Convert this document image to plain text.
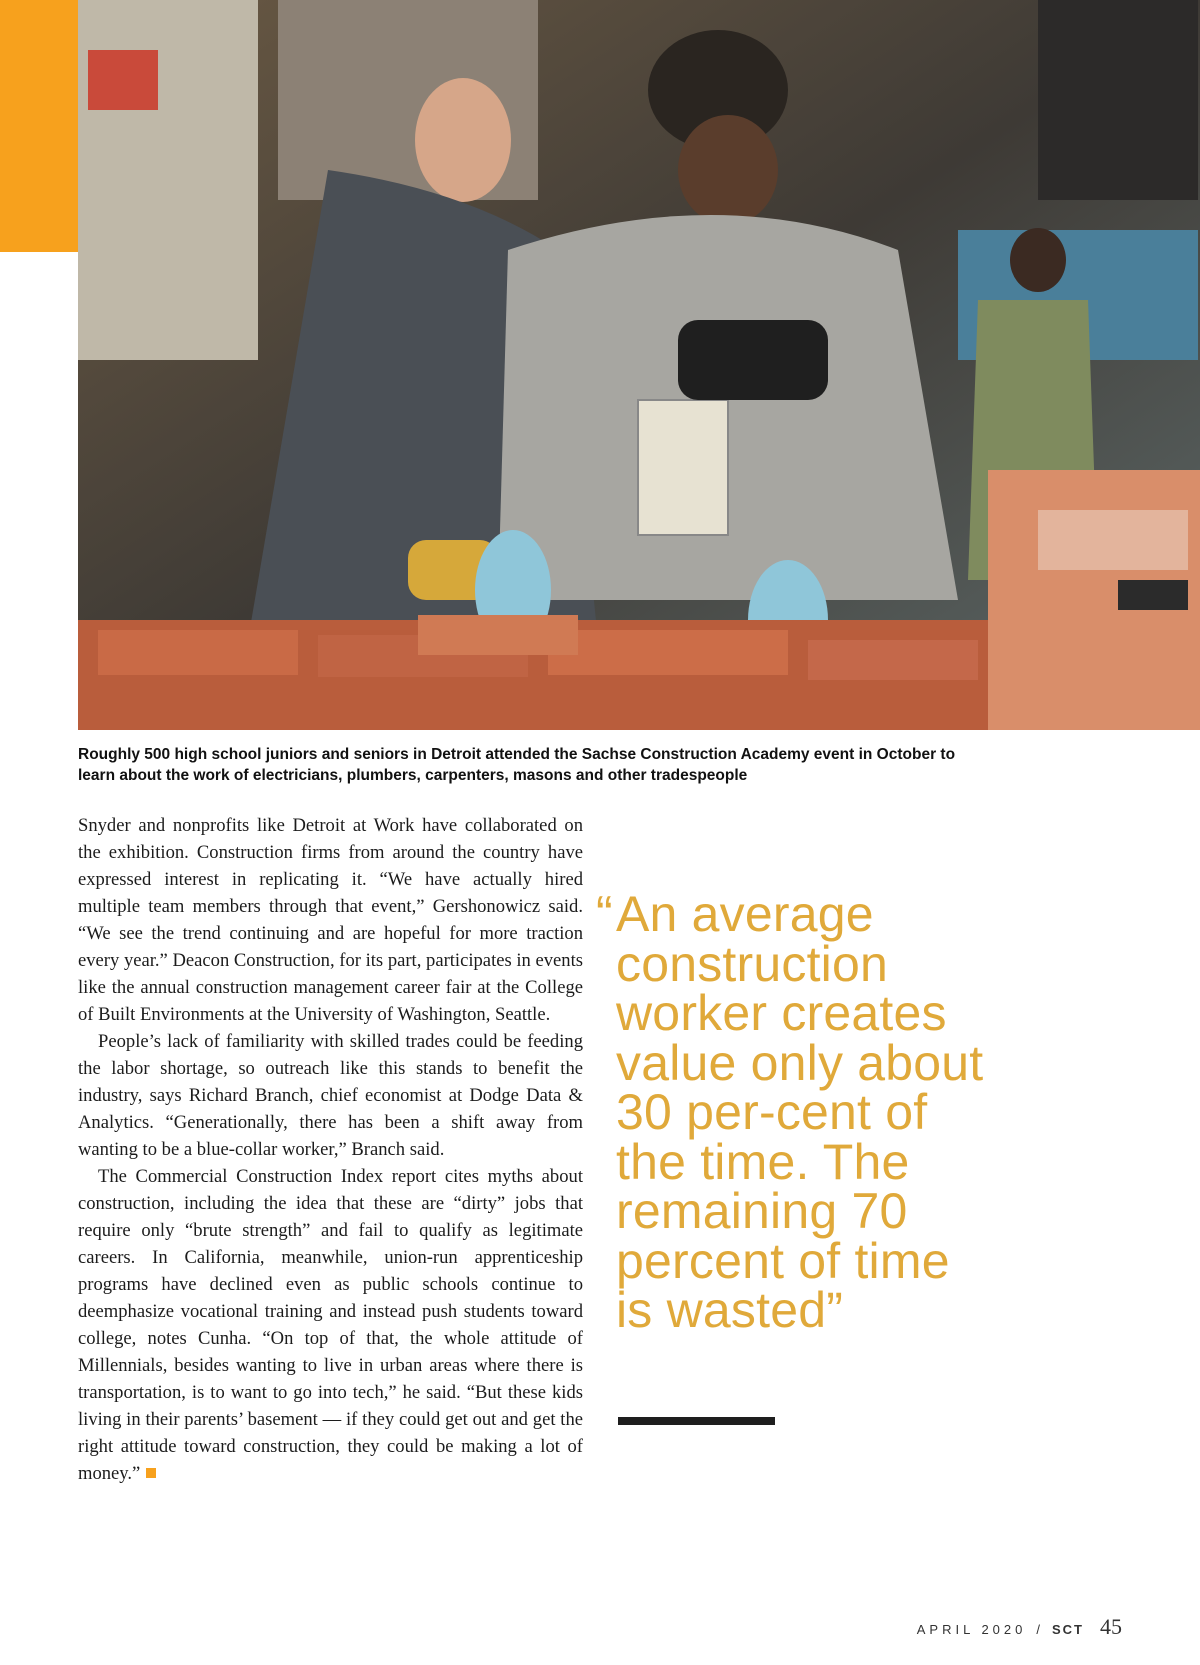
Roughly 500 high school juniors and seniors in Detroit attended the Sachse Construction Academy event in October to learn about the work of electricians, plumbers, carpenters, masons and other tradespeople

Snyder and nonprofits like Detroit at Work have collaborated on the exhibition. Construction firms from around the country have expressed interest in replicating it. “We have actually hired multiple team members through that event,” Gershonowicz said. “We see the trend continuing and are hopeful for more traction every year.” Deacon Construction, for its part, participates in events like the annual construction management career fair at the College of Built Environments at the University of Washington, Seattle.

People’s lack of familiarity with skilled trades could be feeding the labor shortage, so outreach like this stands to benefit the industry, says Richard Branch, chief economist at Dodge Data & Analytics. “Generationally, there has been a shift away from wanting to be a blue-collar worker,” Branch said.

The Commercial Construction Index report cites myths about construction, including the idea that these are “dirty” jobs that require only “brute strength” and fail to qualify as legitimate careers. In California, meanwhile, union-run apprenticeship programs have declined even as public schools continue to deemphasize vocational training and instead push students toward college, notes Cunha. “On top of that, the whole attitude of Millennials, besides wanting to live in urban areas where there is transportation, is to want to go into tech,” he said. “But these kids living in their parents’ basement — if they could get out and get the right attitude toward construction, they could be making a lot of money.”

“ An average construction worker creates value only about 30 per-cent of the time. The remaining 70 percent of time is wasted”
APRIL 2020 / SCT 45
